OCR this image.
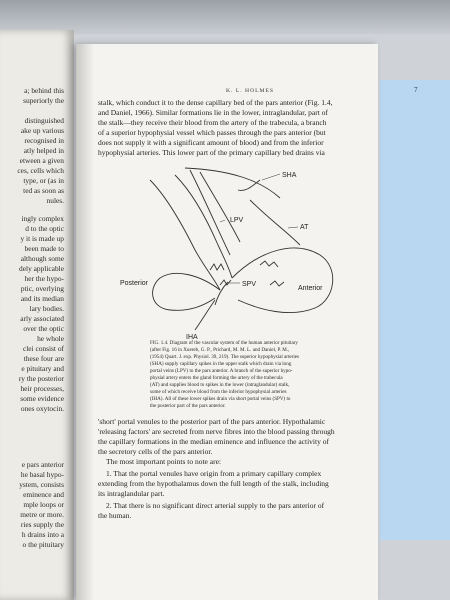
a; behind this
superiorly the
distinguished
ake up various
recognised in
atly helped in
etween a given
ces, cells which
type, or (as in
ted as soon as
nules.
ingly complex
d to the optic
y it is made up
been made to
although some
dely applicable
her the hypo-
ptic, overlying
and its median
lary bodies.
arly associated
over the optic
he whole
clei consist of
these four are
e pituitary and
ry the posterior
heir processes,
some evidence
ones oxytocin.
e pars anterior
he basal hypo-
ystem, consists
eminence and
mple loops or
metre or more.
ries supply the
h drains into a
o the pituitary
K. L. HOLMES	7
stalk, which conduct it to the dense capillary bed of the pars anterior (Fig. 1.4,
and Daniel, 1966). Similar formations lie in the lower, intraglandular, part of
the stalk—they receive their blood from the artery of the trabecula, a branch
of a superior hypophysial vessel which passes through the pars anterior (but
does not supply it with a significant amount of blood) and from the inferior
hypophysial arteries. This lower part of the primary capillary bed drains via
FIG. 1.4. Diagram of the vascular system of the human anterior pituitary
(after Fig. 16 in Xuereb, G. P., Prichard, M. M. L. and Daniel, P. M.,
(1954) Quart. J. exp. Physiol. 39, 219). The superior hypophysial arteries
(SHA) supply capillary spikes in the upper stalk which drain via long
portal veins (LPV) to the pars anterior. A branch of the superior hypo-
physial artery enters the gland forming the artery of the trabecula
(AT) and supplies blood to spikes in the lower (intraglandular) stalk,
some of which receive blood from the inferior hypophysial arteries
(IHA). All of these lower spikes drain via short portal veins (SPV) to
the posterior part of the pars anterior.
'short' portal venules to the posterior part of the pars anterior. Hypothalamic
'releasing factors' are secreted from nerve fibres into the blood passing through
the capillary formations in the median eminence and influence the activity of
the secretory cells of the pars anterior.
The most important points to note are:
1. That the portal venules have origin from a primary capillary complex
extending from the hypothalamus down the full length of the stalk, including
its intraglandular part.
2. That there is no significant direct arterial supply to the pars anterior of
the human.
SHA
LPV
AT
SPV
Posterior
Anterior
IHA
